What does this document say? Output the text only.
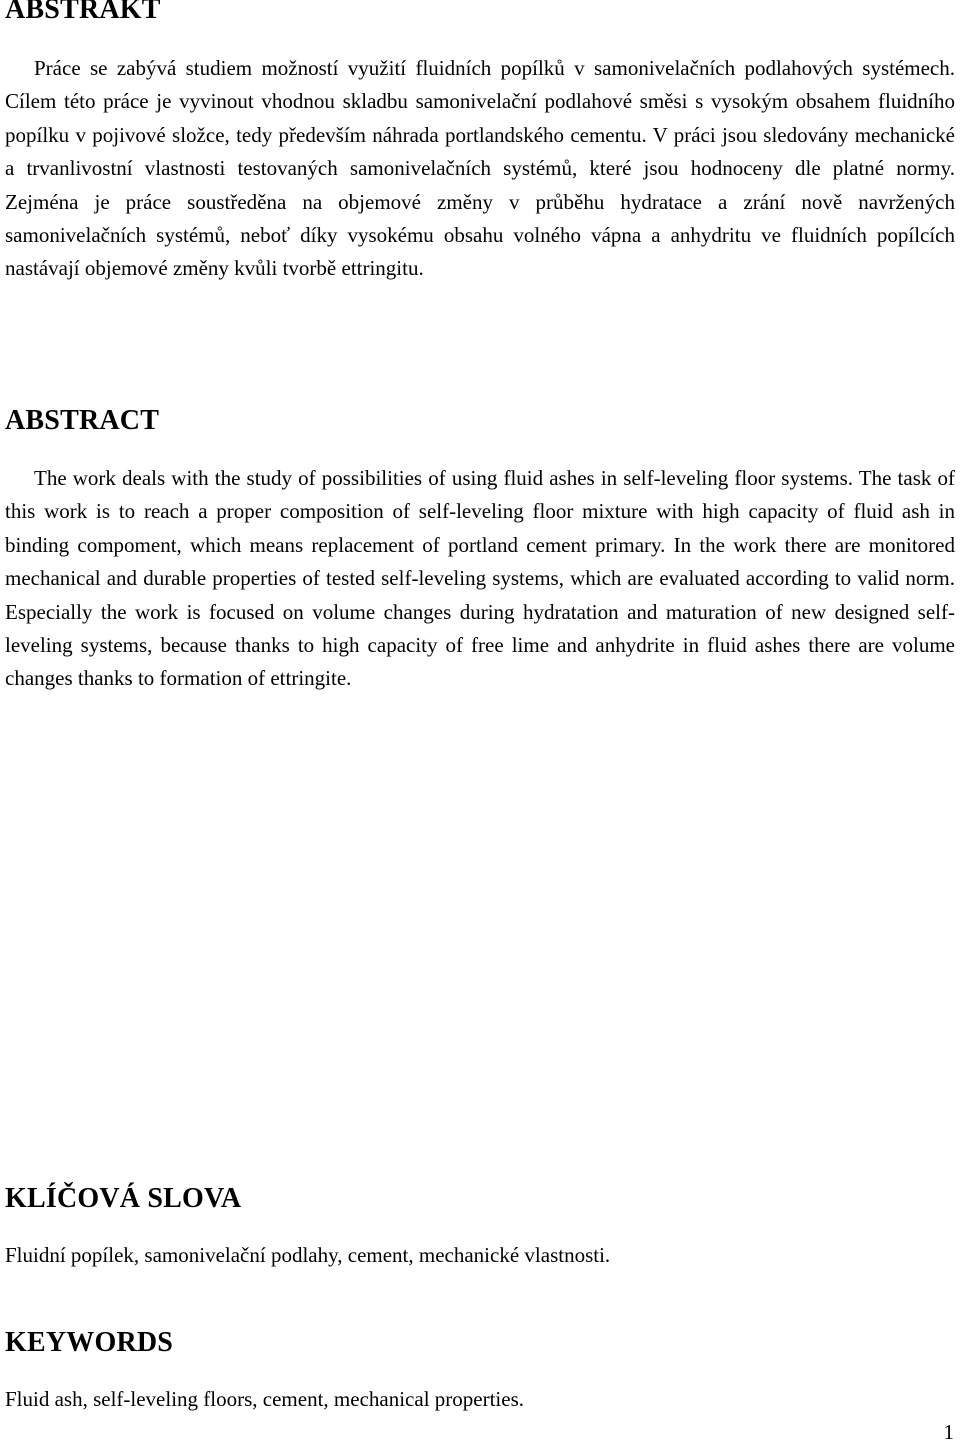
ABSTRAKT

Práce se zabývá studiem možností využití fluidních popílků v samonivelačních podlahových systémech. Cílem této práce je vyvinout vhodnou skladbu samonivelační podlahové směsi s vysokým obsahem fluidního popílku v pojivové složce, tedy především náhrada portlandského cementu. V práci jsou sledovány mechanické a trvanlivostní vlastnosti testovaných samonivelačních systémů, které jsou hodnoceny dle platné normy. Zejména je práce soustředěna na objemové změny v průběhu hydratace a zrání nově navržených samonivelačních systémů, neboť díky vysokému obsahu volného vápna a anhydritu ve fluidních popílcích nastávají objemové změny kvůli tvorbě ettringitu.

ABSTRACT

The work deals with the study of possibilities of using fluid ashes in self-leveling floor systems. The task of this work is to reach a proper composition of self-leveling floor mixture with high capacity of fluid ash in binding compoment, which means replacement of portland cement primary. In the work there are monitored mechanical and durable properties of tested self-leveling systems, which are evaluated according to valid norm. Especially the work is focused on volume changes during hydratation and maturation of new designed self-leveling systems, because thanks to high capacity of free lime and anhydrite in fluid ashes there are volume changes thanks to formation of ettringite.

KLÍČOVÁ SLOVA

Fluidní popílek, samonivelační podlahy, cement, mechanické vlastnosti.

KEYWORDS

Fluid ash, self-leveling floors, cement, mechanical properties.

1
